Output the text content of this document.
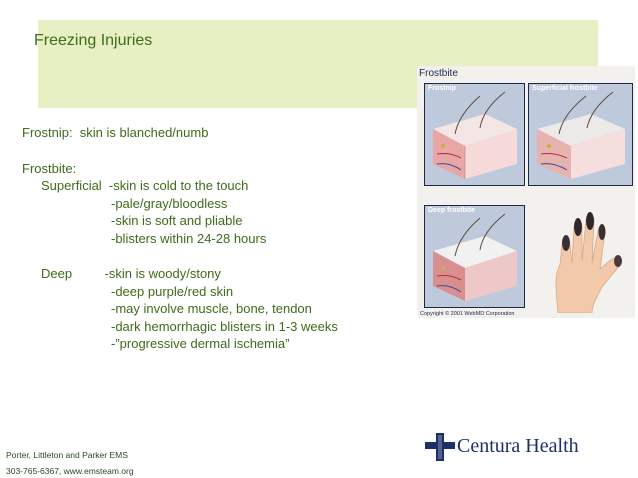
Freezing Injuries
Frostnip:  skin is blanched/numb
Frostbite:
Superficial  -skin is cold to the touch
-pale/gray/bloodless
-skin is soft and pliable
-blisters within 24-28 hours
Deep         -skin is woody/stony
-deep purple/red skin
-may involve muscle, bone, tendon
-dark hemorrhagic blisters in 1-3 weeks
-”progressive dermal ischemia”
Frostbite
Frostnip	Superficial frostbite
Deep frostbite
Copyright © 2001 WebMD Corporation
Porter, Littleton and Parker EMS
303-765-6367, www.emsteam.org
Centura Health
